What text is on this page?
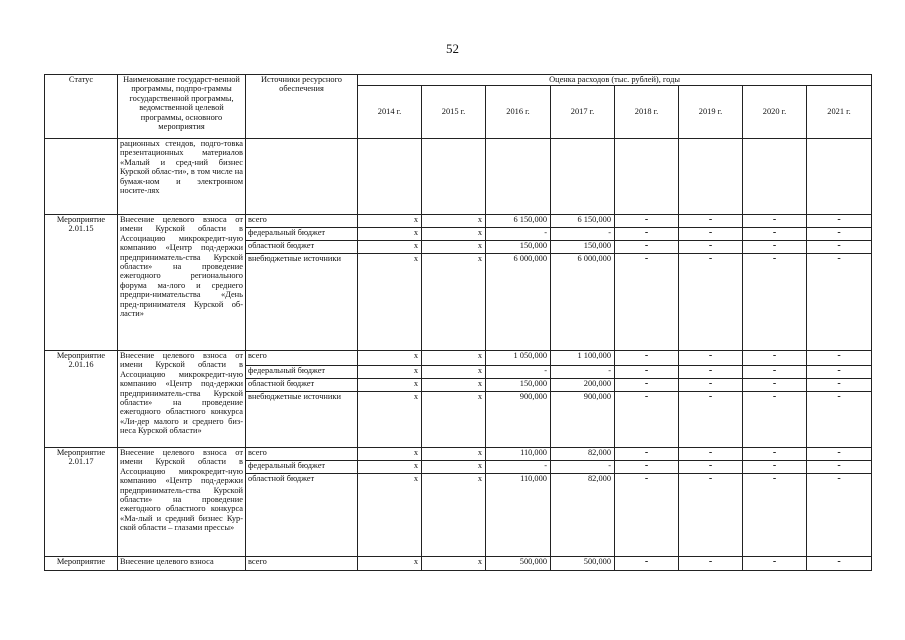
52
Статус	Наименование государст-венной программы, подпро-граммы государственной программы, ведомственной целевой программы, основного мероприятия	Источники ресурсного обеспечения	Оценка расходов (тыс. рублей), годы							
			2014 г.	2015 г.	2016 г.	2017 г.	2018 г.	2019 г.	2020 г.	2021 г.
	рационных стендов, подго-товка презентационных материалов «Малый и сред-ний бизнес Курской облас-ти», в том числе на бумаж-ном и электронном носите-лях									
Мероприятие 2.01.15	Внесение целевого взноса от имени Курской области в Ассоциацию микрокредит-ную компанию «Центр под-держки предприниматель-ства Курской области» на проведение ежегодного регионального форума ма-лого и среднего предпри-нимательства «День пред-принимателя Курской об-ласти»	всего	x	x	6 150,000	6 150,000	-	-	-	-
		федеральный бюджет	x	x	-	-	-	-	-	-
		областной бюджет	x	x	150,000	150,000	-	-	-	-
		внебюджетные источники	x	x	6 000,000	6 000,000	-	-	-	-
Мероприятие 2.01.16	Внесение целевого взноса от имени Курской области в Ассоциацию микрокредит-ную компанию «Центр под-держки предприниматель-ства Курской области» на проведение ежегодного областного конкурса «Ли-дер малого и среднего биз-неса Курской области»	всего	x	x	1 050,000	1 100,000	-	-	-	-
		федеральный бюджет	x	x	-	-	-	-	-	-
		областной бюджет	x	x	150,000	200,000	-	-	-	-
		внебюджетные источники	x	x	900,000	900,000	-	-	-	-
Мероприятие 2.01.17	Внесение целевого взноса от имени Курской области в Ассоциацию микрокредит-ную компанию «Центр под-держки предприниматель-ства Курской области» на проведение ежегодного областного конкурса «Ма-лый и средний бизнес Кур-ской области – глазами прессы»	всего	x	x	110,000	82,000	-	-	-	-
		федеральный бюджет	x	x	-	-	-	-	-	-
		областной бюджет	x	x	110,000	82,000	-	-	-	-
Мероприятие	Внесение целевого взноса	всего	x	x	500,000	500,000	-	-	-	-
